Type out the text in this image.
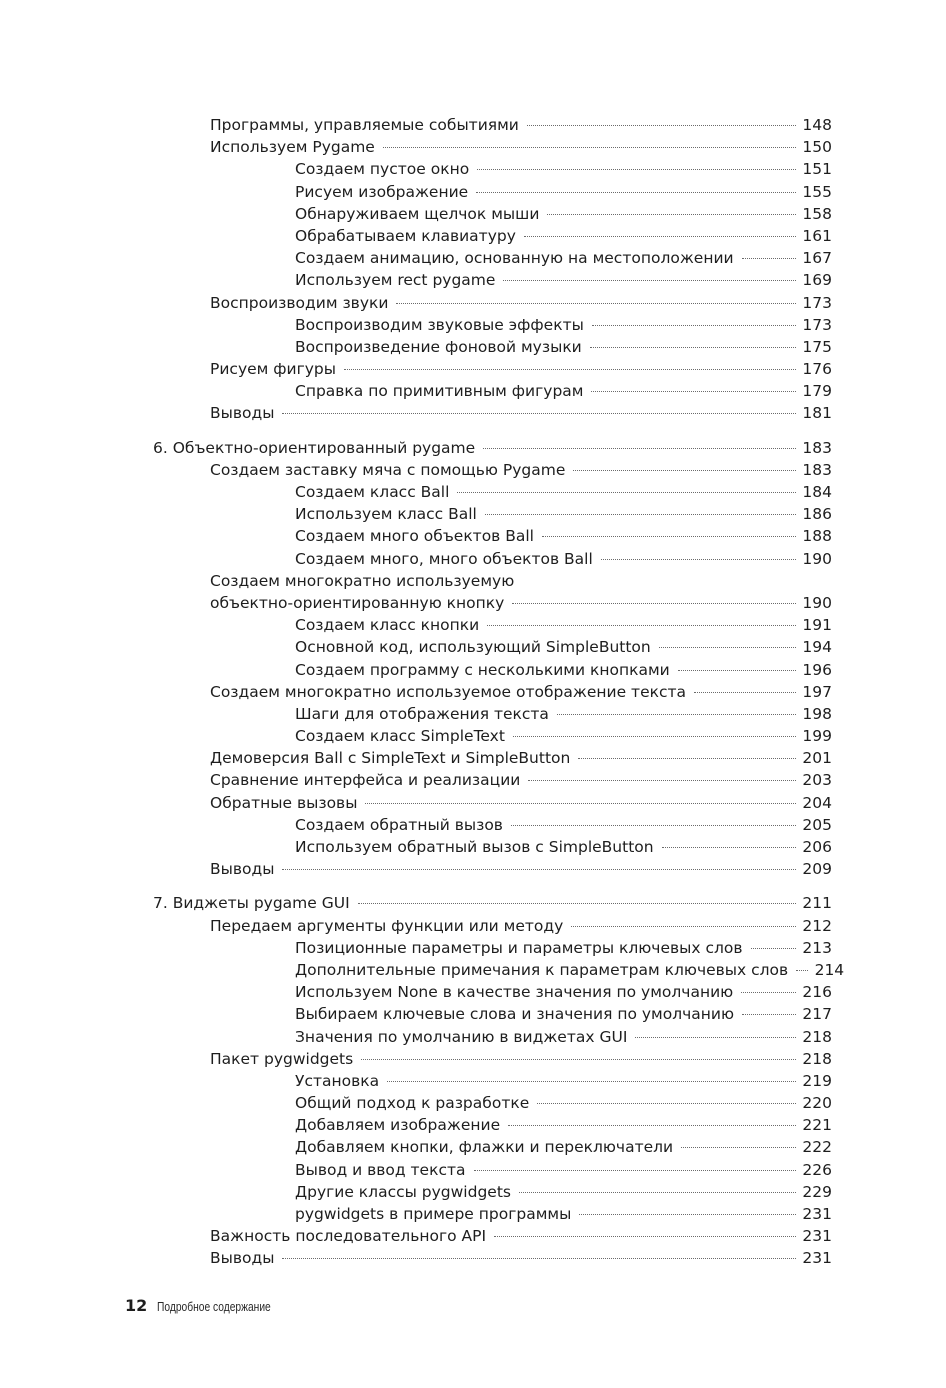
Программы, управляемые событиями	148
Используем Pygame	150
Создаем пустое окно	151
Рисуем изображение	155
Обнаруживаем щелчок мыши	158
Обрабатываем клавиатуру	161
Создаем анимацию, основанную на местоположении	167
Используем rect pygame	169
Воспроизводим звуки	173
Воспроизводим звуковые эффекты	173
Воспроизведение фоновой музыки	175
Рисуем фигуры	176
Справка по примитивным фигурам	179
Выводы	181
6. Объектно-ориентированный pygame	183
Создаем заставку мяча с помощью Pygame	183
Создаем класс Ball	184
Используем класс Ball	186
Создаем много объектов Ball	188
Создаем много, много объектов Ball	190
Создаем многократно используемую
объектно-ориентированную кнопку	190
Создаем класс кнопки	191
Основной код, использующий SimpleButton	194
Создаем программу с несколькими кнопками	196
Создаем многократно используемое отображение текста	197
Шаги для отображения текста	198
Создаем класс SimpleText	199
Демоверсия Ball с SimpleText и SimpleButton	201
Сравнение интерфейса и реализации	203
Обратные вызовы	204
Создаем обратный вызов	205
Используем обратный вызов с SimpleButton	206
Выводы	209
7. Виджеты pygame GUI	211
Передаем аргументы функции или методу	212
Позиционные параметры и параметры ключевых слов	213
Дополнительные примечания к параметрам ключевых слов 214
Используем None в качестве значения по умолчанию	216
Выбираем ключевые слова и значения по умолчанию	217
Значения по умолчанию в виджетах GUI	218
Пакет pygwidgets	218
Установка	219
Общий подход к разработке	220
Добавляем изображение	221
Добавляем кнопки, флажки и переключатели	222
Вывод и ввод текста	226
Другие классы pygwidgets	229
pygwidgets в примере программы	231
Важность последовательного API	231
Выводы	231
12 Подробное содержание
